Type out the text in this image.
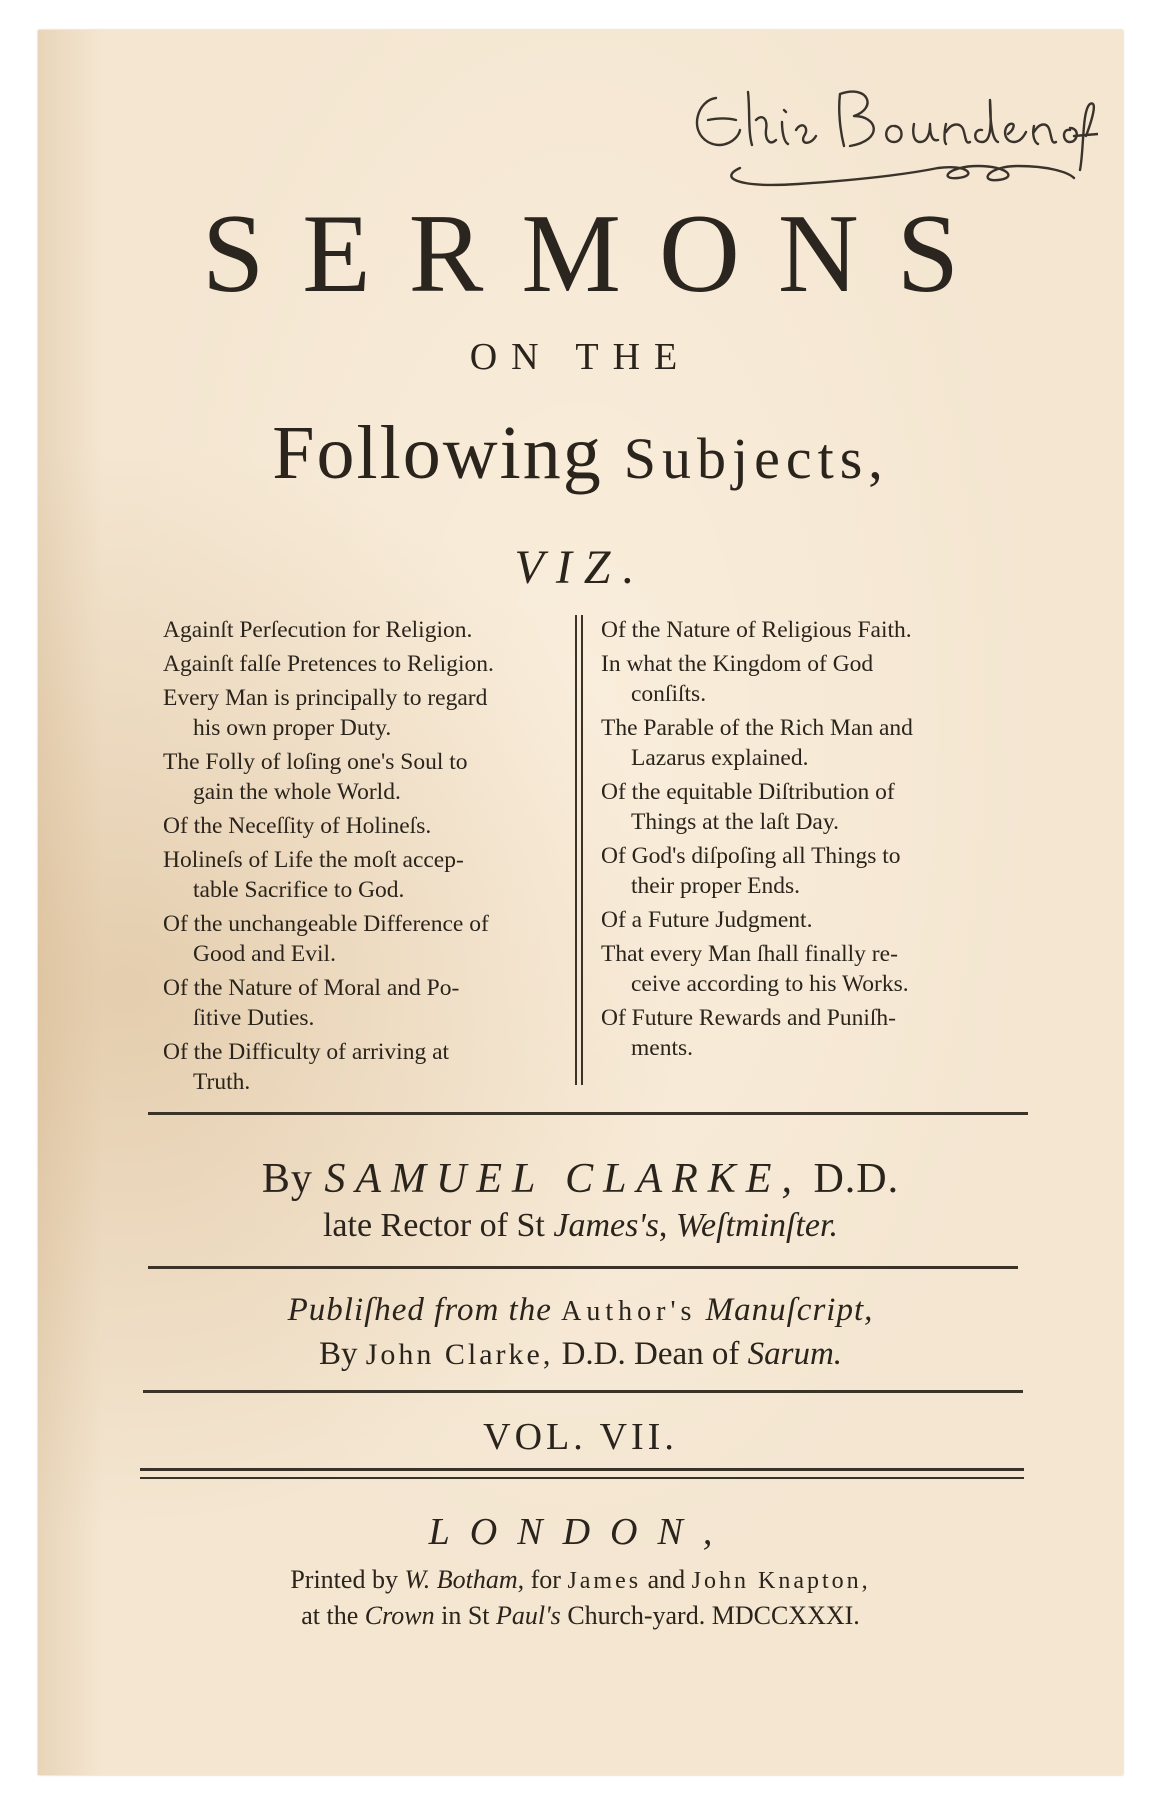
SERMONS
ON THE
Following Subjects,
VIZ.
Againſt Perſecution for Religion.
Againſt falſe Pretences to Religion.
Every Man is principally to regard
his own proper Duty.
The Folly of loſing one's Soul to
gain the whole World.
Of the Neceſſity of Holineſs.
Holineſs of Life the moſt accep-
table Sacrifice to God.
Of the unchangeable Difference of
Good and Evil.
Of the Nature of Moral and Po-
ſitive Duties.
Of the Difficulty of arriving at
Truth.
Of the Nature of Religious Faith.
In what the Kingdom of God
conſiſts.
The Parable of the Rich Man and
Lazarus explained.
Of the equitable Diſtribution of
Things at the laſt Day.
Of God's diſpoſing all Things to
their proper Ends.
Of a Future Judgment.
That every Man ſhall finally re-
ceive according to his Works.
Of Future Rewards and Puniſh-
ments.
By SAMUEL CLARKE, D.D.
late Rector of St James's, Weſtminſter.
Publiſhed from the Author's Manuſcript,
By John Clarke, D.D. Dean of Sarum.
VOL. VII.
LONDON,
Printed by W. Botham, for James and John Knapton,
at the Crown in St Paul's Church-yard. MDCCXXXI.
